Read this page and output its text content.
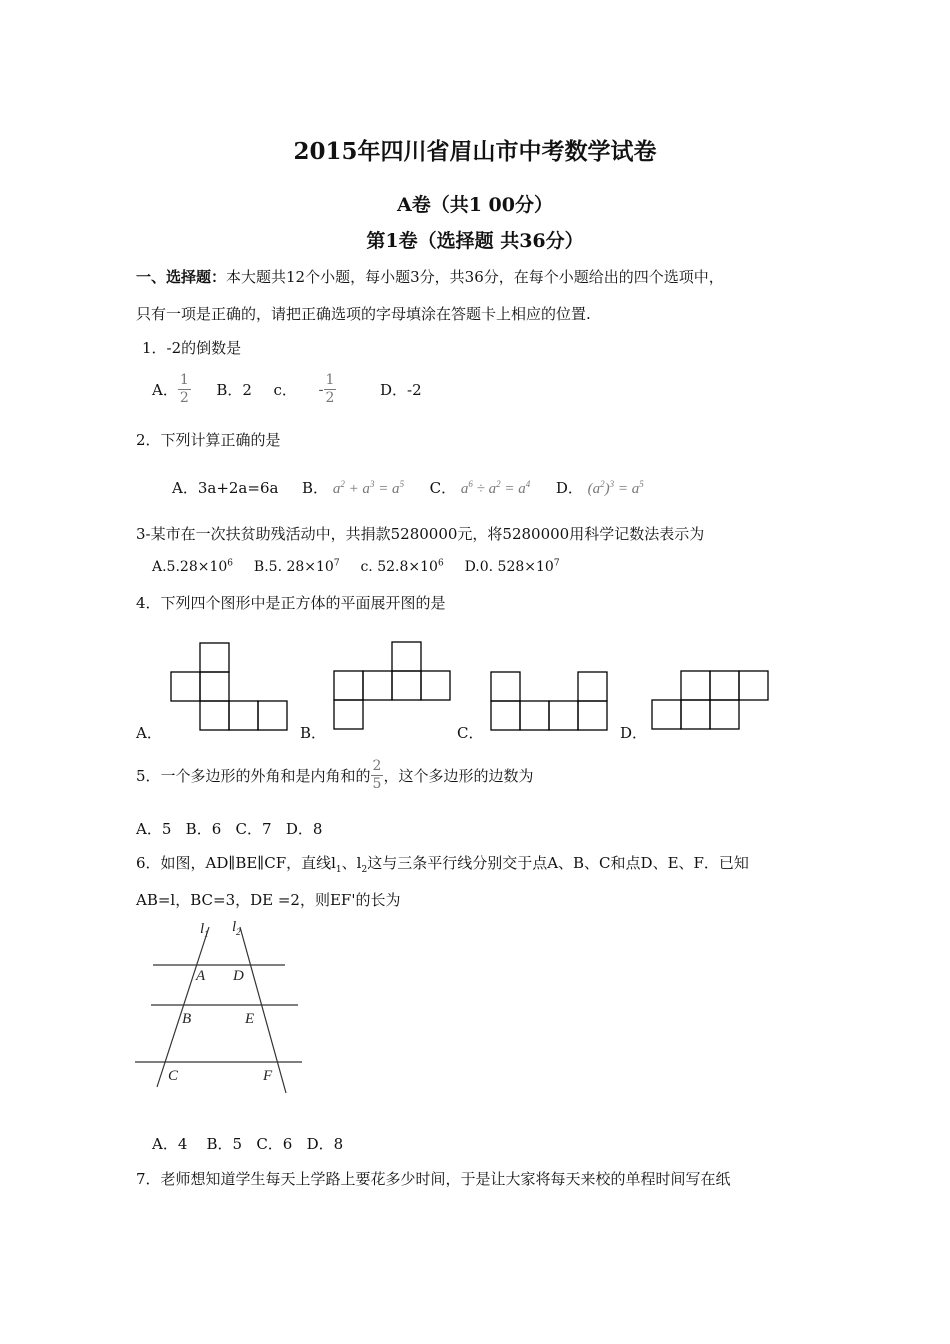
2015年四川省眉山市中考数学试卷
A卷（共1 00分）
第1卷（选择题 共36分）
一、选择题：本大题共12个小题，每小题3分，共36分，在每个小题给出的四个选项中，
只有一项是正确的，请把正确选项的字母填涂在答题卡上相应的位置.
1．-2的倒数是
A． $\frac{1}{2}$ B．2 c． - $\frac{1}{2}$	D．-2
2．下列计算正确的是
A．3a+2a=6a B． $a^2 + a^3 = a^5$ C． $a^6 \div a^2 = a^4$ D． $(a^2)^3 = a^5$
3-某市在一次扶贫助残活动中，共捐款5280000元，将5280000用科学记数法表示为
$A.5.28\times 10^6$ B.5. $28\times 10^7$ c. $52.8\times 10^6$ D.0. $528\times 10^7$
4．下列四个图形中是正方体的平面展开图的是
A．	B．	C．	D．
5．一个多边形的外角和是内角和的 $\frac{2}{5}$ ，这个多边形的边数为
A．5   B．6   C．7   D．8
6．如图，AD∥BE∥CF，直线$l_1$、$l_2$这与三条平行线分别交于点A、B、C和点D、E、F．已知
AB=l，BC=3，DE =2，则EF'的长为
$l_1$ $l_2$
A D
B	E
C	F
A．4    B．5   C．6   D．8
7．老师想知道学生每天上学路上要花多少时间，于是让大家将每天来校的单程时间写在纸
